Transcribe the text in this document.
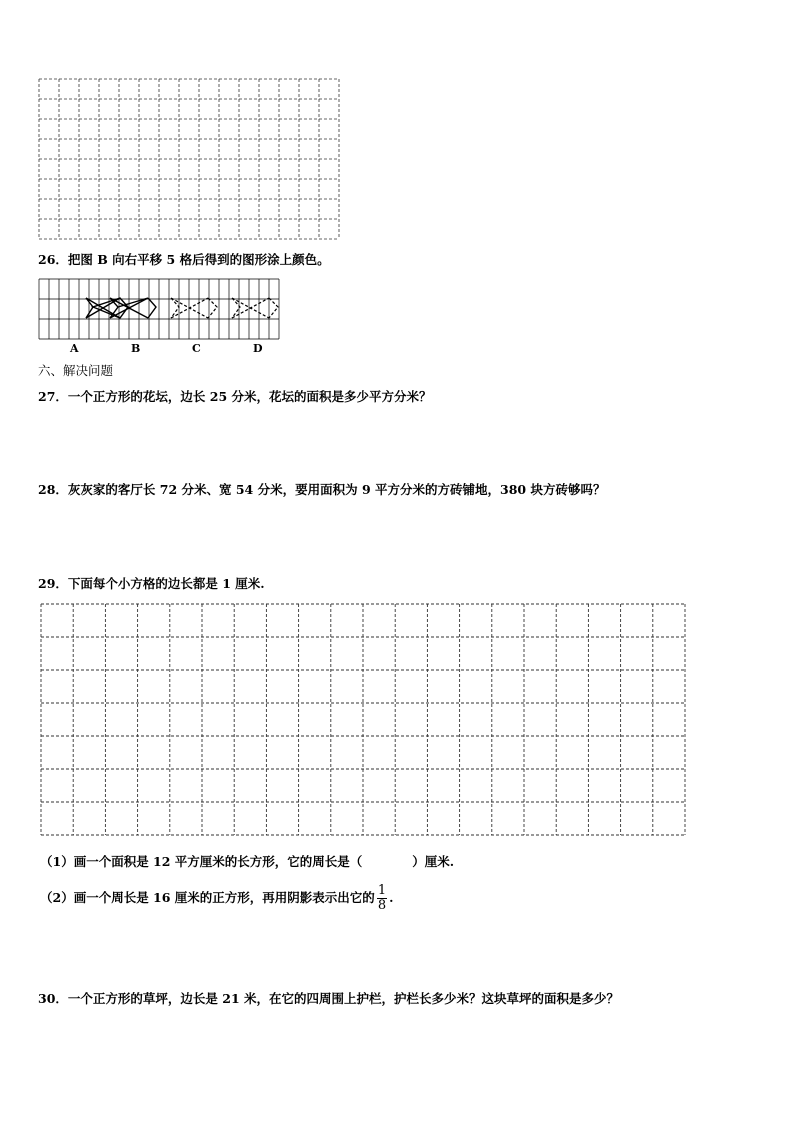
26．把图 B 向右平移 5 格后得到的图形涂上颜色。
A	B	C	D
六、解决问题
27．一个正方形的花坛，边长 25 分米，花坛的面积是多少平方分米？
28．灰灰家的客厅长 72 分米、宽 54 分米，要用面积为 9 平方分米的方砖铺地，380 块方砖够吗？
29．下面每个小方格的边长都是 1 厘米.
（1）画一个面积是 12 平方厘米的长方形，它的周长是（　　　　）厘米.
（2）画一个周长是 16 厘米的正方形，再用阴影表示出它的 $\frac{1}{8}$ .
30．一个正方形的草坪，边长是 21 米，在它的四周围上护栏，护栏长多少米？这块草坪的面积是多少？
